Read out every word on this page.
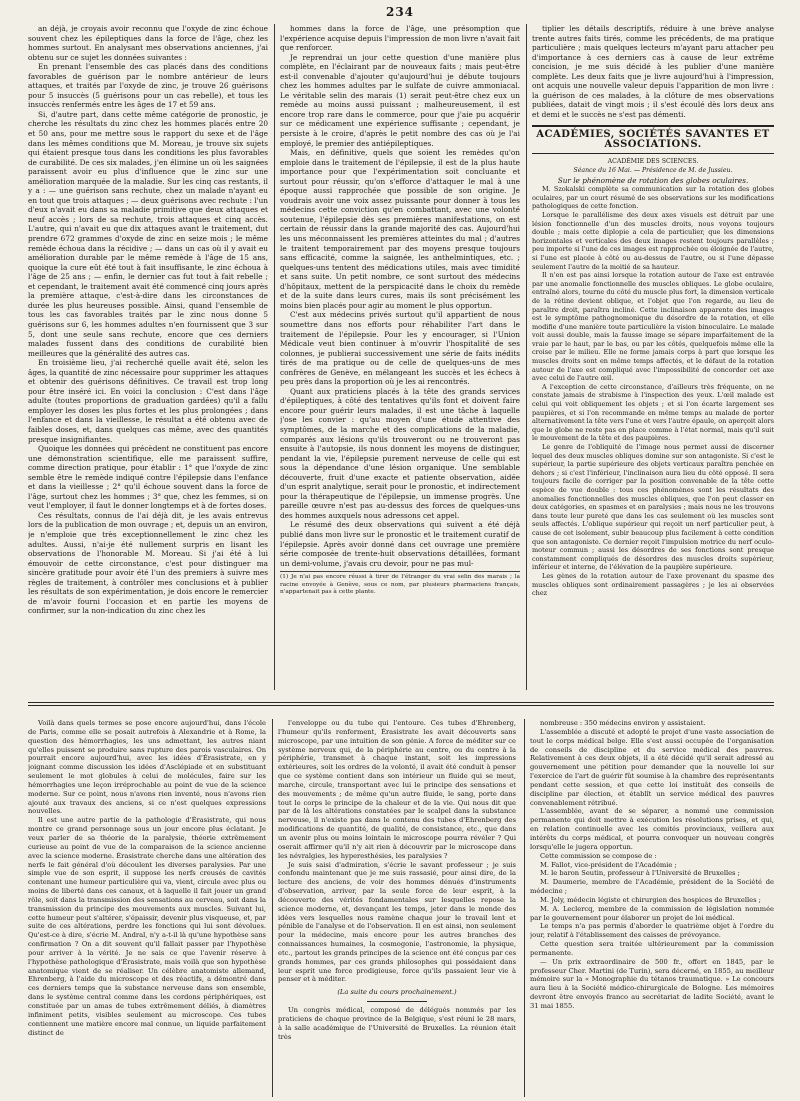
234

an déjà, je croyais avoir reconnu que l'oxyde de zinc échoue souvent chez les épileptiques dans la force de l'âge, chez les hommes surtout. En analysant mes observations anciennes, j'ai obtenu sur ce sujet les données suivantes :

En prenant l'ensemble des cas placés dans des conditions favorables de guérison par le nombre antérieur de leurs attaques, et traités par l'oxyde de zinc, je trouve 26 guérisons pour 5 insuccès (5 guérisons pour un cas rebelle), et tous les insuccès renfermés entre les âges de 17 et 59 ans.

Si, d'autre part, dans cette même catégorie de pronostic, je cherche les résultats du zinc chez les hommes placés entre 20 et 50 ans, pour me mettre sous le rapport du sexe et de l'âge dans les mêmes conditions que M. Moreau, je trouve six sujets qui étaient presque tous dans les conditions les plus favorables de curabilité. De ces six malades, j'en élimine un où les saignées paraissent avoir eu plus d'influence que le zinc sur une amélioration marquée de la maladie. Sur les cinq cas restants, il y a : — une guérison sans rechute, chez un malade n'ayant eu en tout que trois attaques ; — deux guérisons avec rechute : l'un d'eux n'avait eu dans sa maladie primitive que deux attaques et neuf accès ; lors de sa rechute, trois attaques et cinq accès. L'autre, qui n'avait eu que dix attaques avant le traitement, dut prendre 672 grammes d'oxyde de zinc en seize mois ; le même remède échoua dans la récidive ; — dans un cas où il y avait eu amélioration durable par le même remède à l'âge de 15 ans, quoique la cure eût été tout à fait insuffisante, le zinc échoua à l'âge de 25 ans ; — enfin, le dernier cas fut tout à fait rebelle ; et cependant, le traitement avait été commencé cinq jours après la première attaque, c'est-à-dire dans les circonstances de durée les plus heureuses possible. Ainsi, quand l'ensemble de tous les cas favorables traités par le zinc nous donne 5 guérisons sur 6, les hommes adultes n'en fournissent que 3 sur 5, dont une seule sans rechute, encore que ces derniers malades fussent dans des conditions de curabilité bien meilleures que la généralité des autres cas.

En troisième lieu, j'ai recherché quelle avait été, selon les âges, la quantité de zinc nécessaire pour supprimer les attaques et obtenir des guérisons définitives. Ce travail est trop long pour être inséré ici. En voici la conclusion : C'est dans l'âge adulte (toutes proportions de graduation gardées) qu'il a fallu employer les doses les plus fortes et les plus prolongées ; dans l'enfance et dans la vieillesse, le résultat a été obtenu avec de faibles doses, et, dans quelques cas même, avec des quantités presque insignifiantes.

Quoique les données qui précèdent ne constituent pas encore une démonstration scientifique, elle me paraissent suffire, comme direction pratique, pour établir : 1° que l'oxyde de zinc semble être le remède indiqué contre l'épilepsie dans l'enfance et dans la vieillesse ; 2° qu'il échoue souvent dans la force de l'âge, surtout chez les hommes ; 3° que, chez les femmes, si on veut l'employer, il faut le donner longtemps et à de fortes doses.

Ces résultats, connus de l'ai déjà dit, je les avais entrevus lors de la publication de mon ouvrage ; et, depuis un an environ, je n'emploie que très exceptionnellement le zinc chez les adultes. Aussi, n'ai-je été nullement surpris en lisant les observations de l'honorable M. Moreau. Si j'ai été à lui émouvoir de cette circonstance, c'est pour distinguer ma sincère gratitude pour avoir été l'un des premiers à suivre mes règles de traitement, à contrôler mes conclusions et à publier les résultats de son expérimentation, je dois encore le remercier de m'avoir fourni l'occasion et en partie les moyens de confirmer, sur la non-indication du zinc chez les

hommes dans la force de l'âge, une présomption que l'expérience acquise depuis l'impression de mon livre n'avait fait que renforcer.

Je reprendrai un jour cette question d'une manière plus complète, en l'éclairant par de nouveaux faits ; mais peut-être est-il convenable d'ajouter qu'aujourd'hui je débute toujours chez les hommes adultes par le sulfate de cuivre ammoniacal. Le véritable selin des marais (1) serait peut-être chez eux un remède au moins aussi puissant ; malheureusement, il est encore trop rare dans le commerce, pour que j'aie pu acquérir sur ce médicament une expérience suffisante ; cependant, je persiste à le croire, d'après le petit nombre des cas où je l'ai employé, le premier des antiépileptiques.

Mais, en définitive, quels que soient les remèdes qu'on emploie dans le traitement de l'épilepsie, il est de la plus haute importance pour que l'expérimentation soit concluante et surtout pour réussir, qu'on s'efforce d'attaquer le mal à une époque aussi rapprochée que possible de son origine. Je voudrais avoir une voix assez puissante pour donner à tous les médecins cette conviction qu'en combattant, avec une volonté soutenue, l'épilepsie dès ses premières manifestations, on est certain de réussir dans la grande majorité des cas. Aujourd'hui les uns méconnaissent les premières atteintes du mal ; d'autres le traitent temporairement par des moyens presque toujours sans efficacité, comme la saignée, les anthelmintiques, etc. ; quelques-uns tentent des médications utiles, mais avec timidité et sans suite. Un petit nombre, ce sont surtout des médecins d'hôpitaux, mettent de la perspicacité dans le choix du remède et de la suite dans leurs cures, mais ils sont précisément les moins bien placés pour agir au moment le plus opportun.

C'est aux médecins privés surtout qu'il appartient de nous soumettre dans nos efforts pour réhabiliter l'art dans le traitement de l'épilepsie. Pour les y encourager, si l'Union Médicale veut bien continuer à m'ouvrir l'hospitalité de ses colonnes, je publierai successivement une série de faits inédits tirés de ma pratique ou de celle de quelques-uns de mes confrères de Genève, en mélangeant les succès et les échecs à peu près dans la proportion où je les ai rencontrés.

Quant aux praticiens placés à la tête des grands services d'épileptiques, à côté des tentatives qu'ils font et doivent faire encore pour guérir leurs malades, il est une tâche à laquelle j'ose les convier : qu'au moyen d'une étude attentive des symptômes, de la marche et des complications de la maladie, comparés aux lésions qu'ils trouveront ou ne trouveront pas ensuite à l'autopsie, ils nous donnent les moyens de distinguer, pendant la vie, l'épilepsie purement nerveuse de celle qui est sous la dépendance d'une lésion organique. Une semblable découverte, fruit d'une exacte et patiente observation, aidée d'un esprit analytique, serait pour le pronostic, et indirectement pour la thérapeutique de l'épilepsie, un immense progrès. Une pareille œuvre n'est pas au-dessus des forces de quelques-uns des hommes auxquels nous adressons cet appel.

Le résumé des deux observations qui suivent a été déjà publié dans mon livre sur le pronostic et le traitement curatif de l'épilepsie. Après avoir donné dans cet ouvrage une première série composée de trente-huit observations détaillées, formant un demi-volume, j'avais cru devoir, pour ne pas mul-

(1) Je n'ai pas encore réussi à tirer de l'étranger du vrai selin des marais ; la racine envoyée à Genève, sous ce nom, par plusieurs pharmaciens français, n'appartenait pas à cette plante.

tiplier les détails descriptifs, réduire à une brève analyse trente autres faits tirés, comme les précédents, de ma pratique particulière ; mais quelques lecteurs m'ayant paru attacher peu d'importance à ces derniers cas à cause de leur extrême concision, je me suis décidé à les publier d'une manière complète. Les deux faits que je livre aujourd'hui à l'impression, ont acquis une nouvelle valeur depuis l'apparition de mon livre : la guérison de ces malades, à la clôture de mes observations publiées, datait de vingt mois ; il s'est écoulé dès lors deux ans et demi et le succès ne s'est pas démenti.

ACADÉMIES, SOCIÉTÉS SAVANTES ET ASSOCIATIONS.

ACADÉMIE DES SCIENCES.

Séance du 16 Mai. — Présidence de M. de Jussieu.

Sur le phénomène de rotation des globes oculaires.

M. Szokalski complète sa communication sur la rotation des globes oculaires, par un court résumé de ses observations sur les modifications pathologiques de cette fonction.

Lorsque le parallélisme des deux axes visuels est détruit par une lésion fonctionnelle d'un des muscles droits, nous voyons toujours double ; mais cette diplopie a cela de particulier, que les dimensions horizontales et verticales des deux images restent toujours parallèles ; peu importe si l'une de ces images est rapprochée ou éloignée de l'autre, si l'une est placée à côté ou au-dessus de l'autre, ou si l'une dépasse seulement l'autre de la moitié de sa hauteur.

Il n'en est pas ainsi lorsque la rotation autour de l'axe est entravée par une anomalie fonctionnelle des muscles obliques. Le globe oculaire, entraîné alors, tourne du côté du muscle plus fort, la dimension verticale de la rétine devient oblique, et l'objet que l'on regarde, au lieu de paraître droit, paraîtra incliné. Cette inclinaison apparente des images est le symptôme pathognomonique du désordre de la rotation, et elle modifie d'une manière toute particulière la vision binoculaire. Le malade voit aussi double, mais la fausse image se sépare imparfaitement de la vraie par le haut, par le bas, ou par les côtés, quelquefois même elle la croise par le milieu. Elle ne forme jamais corps à part que lorsque les muscles droits sont en même temps affectés, et le défaut de la rotation autour de l'axe est compliqué avec l'impossibilité de concorder cet axe avec celui de l'autre œil.

A l'exception de cette circonstance, d'ailleurs très fréquente, on ne constate jamais de strabisme à l'inspection des yeux. L'œil malade est celui qui voit obliquement les objets ; et si l'on écarte largement ses paupières, et si l'on recommande en même temps au malade de porter alternativement la tête vers l'une et vers l'autre épaule, on aperçoit alors que le globe ne reste pas en place comme à l'état normal, mais qu'il suit le mouvement de la tête et des paupières.

Le genre de l'obliquité de l'image nous permet aussi de discerner lequel des deux muscles obliques domine sur son antagoniste. Si c'est le supérieur, la partie supérieure des objets verticaux paraîtra penchée en dehors ; si c'est l'inférieur, l'inclinaison aura lieu du côté opposé. Il sera toujours facile de corriger par la position convenable de la tête cette espèce de vue double : tous ces phénomènes sont les résultats des anomalies fonctionnelles des muscles obliques, que l'on peut classer en deux catégories, en spasmes et en paralysies ; mais nous ne les trouvons dans toute leur pureté que dans les cas seulement où les muscles sont seuls affectés. L'oblique supérieur qui reçoit un nerf particulier peut, à cause de cet isolement, subir beaucoup plus facilement à cette condition que son antagoniste. Ce dernier reçoit l'impulsion motrice du nerf oculo-moteur commun ; aussi les désordres de ses fonctions sont presque constamment compliqués de désordres des muscles droits supérieur, inférieur et interne, de l'élévation de la paupière supérieure.

Les gènes de la rotation autour de l'axe provenant du spasme des muscles obliques sont ordinairement passagères ; je les ai observées chez

Voilà dans quels termes se pose encore aujourd'hui, dans l'école de Paris, comme elle se posait autrefois à Alexandrie et à Rome, la question des hémorrhagies, les uns admettant, les autres niant qu'elles puissent se produire sans rupture des parois vasculaires. On pourrait encore aujourd'hui, avec les idées d'Érasistrate, en y joignant comme discussion les idées d'Asclépiade et en substituant seulement le mot globules à celui de molécules, faire sur les hémorrhagies une leçon irréprochable au point de vue de la science moderne. Sur ce point, nous n'avons rien inventé, nous n'avons rien ajouté aux travaux des anciens, si ce n'est quelques expressions nouvelles.

Il est une autre partie de la pathologie d'Érasistrate, qui nous montre ce grand personnage sous un jour encore plus éclatant. Je veux parler de sa théorie de la paralysie, théorie extrêmement curieuse au point de vue de la comparaison de la science ancienne avec la science moderne. Érasistrate cherche dans une altération des nerfs le fait général d'où découlent les diverses paralysies. Par une simple vue de son esprit, il suppose les nerfs creusés de cavités contenant une humeur particulière qui va, vient, circule avec plus ou moins de liberté dans ces canaux, et à laquelle il fait jouer un grand rôle, soit dans la transmission des sensations au cerveau, soit dans la transmission du principe des mouvements aux muscles. Suivant lui, cette humeur peut s'altérer, s'épaissir, devenir plus visqueuse, et, par suite de ces altérations, perdre les fonctions qui lui sont dévolues. Qu'est-ce à dire, s'écrie M. Andral, n'y a-t-il là qu'une hypothèse sans confirmation ? On a dit souvent qu'il fallait passer par l'hypothèse pour arriver à la vérité. Je ne sais ce que l'avenir réserve à l'hypothèse pathologique d'Érasistrate, mais voilà que son hypothèse anatomique vient de se réaliser. Un célèbre anatomiste allemand, Ehrenberg, à l'aide du microscope et des réactifs, a démontré dans ces derniers temps que la substance nerveuse dans son ensemble, dans le système central comme dans les cordons périphériques, est constituée par un amas de tubes extrêmement déliés, à diamètres infiniment petits, visibles seulement au microscope. Ces tubes contiennent une matière encore mal connue, un liquide parfaitement distinct de

l'enveloppe ou du tube qui l'entoure. Ces tubes d'Ehrenberg, l'humeur qu'ils renferment, Érasistrate les avait découverts sans microscope, par une intuition de son génie. A force de méditer sur ce système nerveux qui, de la périphérie au centre, ou du centre à la périphérie, transmet à chaque instant, soit les impressions extérieures, soit les ordres de la volonté, il avait été conduit à penser que ce système contient dans son intérieur un fluide qui se meut, marche, circule, transportant avec lui le principe des sensations et des mouvements ; de même qu'un autre fluide, le sang, porte dans tout le corps le principe de la chaleur et de la vie. Qui nous dit que par de là les altérations constatées par le scalpel dans la substance nerveuse, il n'existe pas dans le contenu des tubes d'Ehrenberg des modifications de quantité, de qualité, de consistance, etc., que dans un avenir plus ou moins lointain le microscope pourra révéler ? Qui oserait affirmer qu'il n'y ait rien à découvrir par le microscope dans les névralgies, les hyperesthésies, les paralysies ?

Je suis saisi d'admiration, s'écrie le savant professeur ; je suis confondu maintenant que je me suis rassasié, pour ainsi dire, de la lecture des anciens, de voir des hommes dénués d'instruments d'observation, arriver, par la seule force de leur esprit, à la découverte des vérités fondamentales sur lesquelles repose la science moderne, et, devançant les temps, jeter dans le monde des idées vers lesquelles nous ramène chaque jour le travail lent et pénible de l'analyse et de l'observation. Il en est ainsi, non seulement pour la médecine, mais encore pour les autres branches des connaissances humaines, la cosmogonie, l'astronomie, la physique, etc., partout les grands principes de la science ont été conçus par ces grands hommes, par ces grands philosophes qui possédaient dans leur esprit une force prodigieuse, force qu'ils passaient leur vie à penser et à méditer.

(La suite du cours prochainement.)

Un congrès médical, composé de délégués nommés par les praticiens de chaque province de la Belgique, s'est réuni le 28 mars, à la salle académique de l'Université de Bruxelles. La réunion était très

nombreuse : 350 médecins environ y assistaient.

L'assemblée a discuté et adopté le projet d'une vaste association de tout le corps médical belge. Elle s'est aussi occupée de l'organisation de conseils de discipline et du service médical des pauvres. Relativement à ces deux objets, il a été décidé qu'il serait adressé au gouvernement une pétition pour demander que la nouvelle loi sur l'exercice de l'art de guérir fût soumise à la chambre des représentants pendant cette session, et que cette loi instituât des conseils de discipline par élection, et établît un service médical des pauvres convenablement rétribué.

L'assemblée, avant de se séparer, a nommé une commission permanente qui doit mettre à exécution les résolutions prises, et qui, en relation continuelle avec les comités provinciaux, veillera aux intérêts du corps médical, et pourra convoquer un nouveau congrès lorsqu'elle le jugera opportun.

Cette commission se compose de :

M. Fallot, vice-président de l'Académie ;

M. le baron Seutin, professeur à l'Université de Bruxelles ;

M. Daumerie, membre de l'Académie, président de la Société de médecine ;

M. Joly, médecin légiste et chirurgien des hospices de Bruxelles ;

M. A. Leclercq, membre de la commission de législation nommée par le gouvernement pour élaborer un projet de loi médical.

Le temps n'a pas permis d'aborder le quatrième objet à l'ordre du jour, relatif à l'établissement des caisses de prévoyance.

Cette question sera traitée ultérieurement par la commission permanente.

— Un prix extraordinaire de 500 fr., offert en 1845, par le professeur Cher. Martini (de Turin), sera décerné, en 1855, au meilleur mémoire sur la « Monographie du tétanos traumatique. » Le concours aura lieu à la Société médico-chirurgicale de Bologne. Les mémoires devront être envoyés franco au secrétariat de ladite Société, avant le 31 mai 1855.
